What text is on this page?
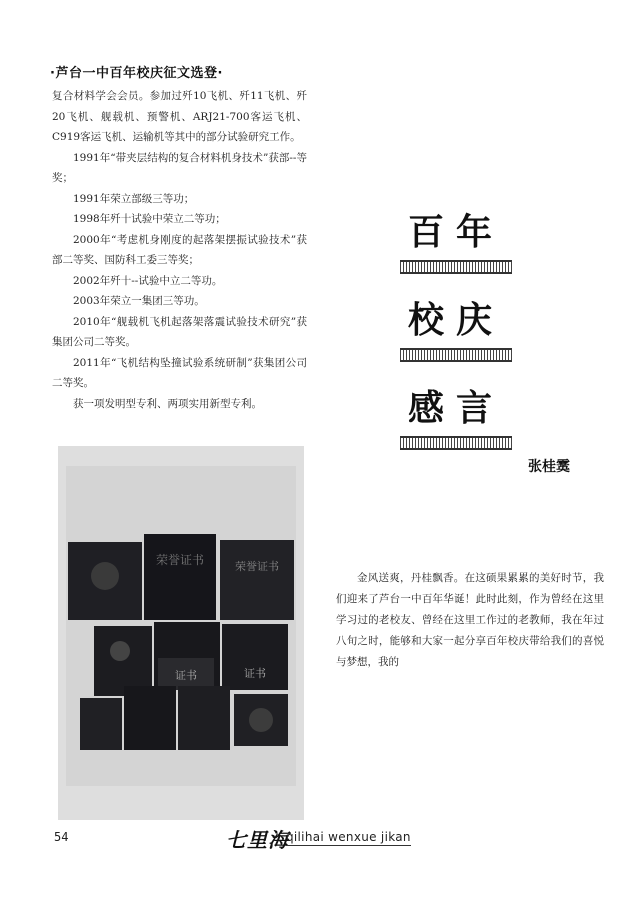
·芦台一中百年校庆征文选登·

复合材料学会会员。参加过歼10飞机、歼11飞机、歼20飞机、舰载机、预警机、ARJ21-700客运飞机、C919客运飞机、运输机等其中的部分试验研究工作。

1991年“带夹层结构的复合材料机身技术”获部--等奖；

1991年荣立部级三等功；

1998年歼十试验中荣立二等功；

2000年“考虑机身刚度的起落架摆振试验技术”获部二等奖、国防科工委三等奖；

2002年歼十--试验中立二等功。

2003年荣立一集团三等功。

2010年“舰载机飞机起落架落震试验技术研究”获集团公司二等奖。

2011年“飞机结构坠撞试验系统研制”获集团公司二等奖。

获一项发明型专利、两项实用新型专利。

百年
校庆
感言
张桂霙
荣誉证书	荣誉证书
证书	证书

金风送爽，丹桂飘香。在这硕果累累的美好时节，我们迎来了芦台一中百年华诞！此时此刻，作为曾经在这里学习过的老校友、曾经在这里工作过的老教师，我在年过八旬之时，能够和大家一起分享百年校庆带给我们的喜悦与梦想，我的

54	七里海
qilihai wenxue jikan
